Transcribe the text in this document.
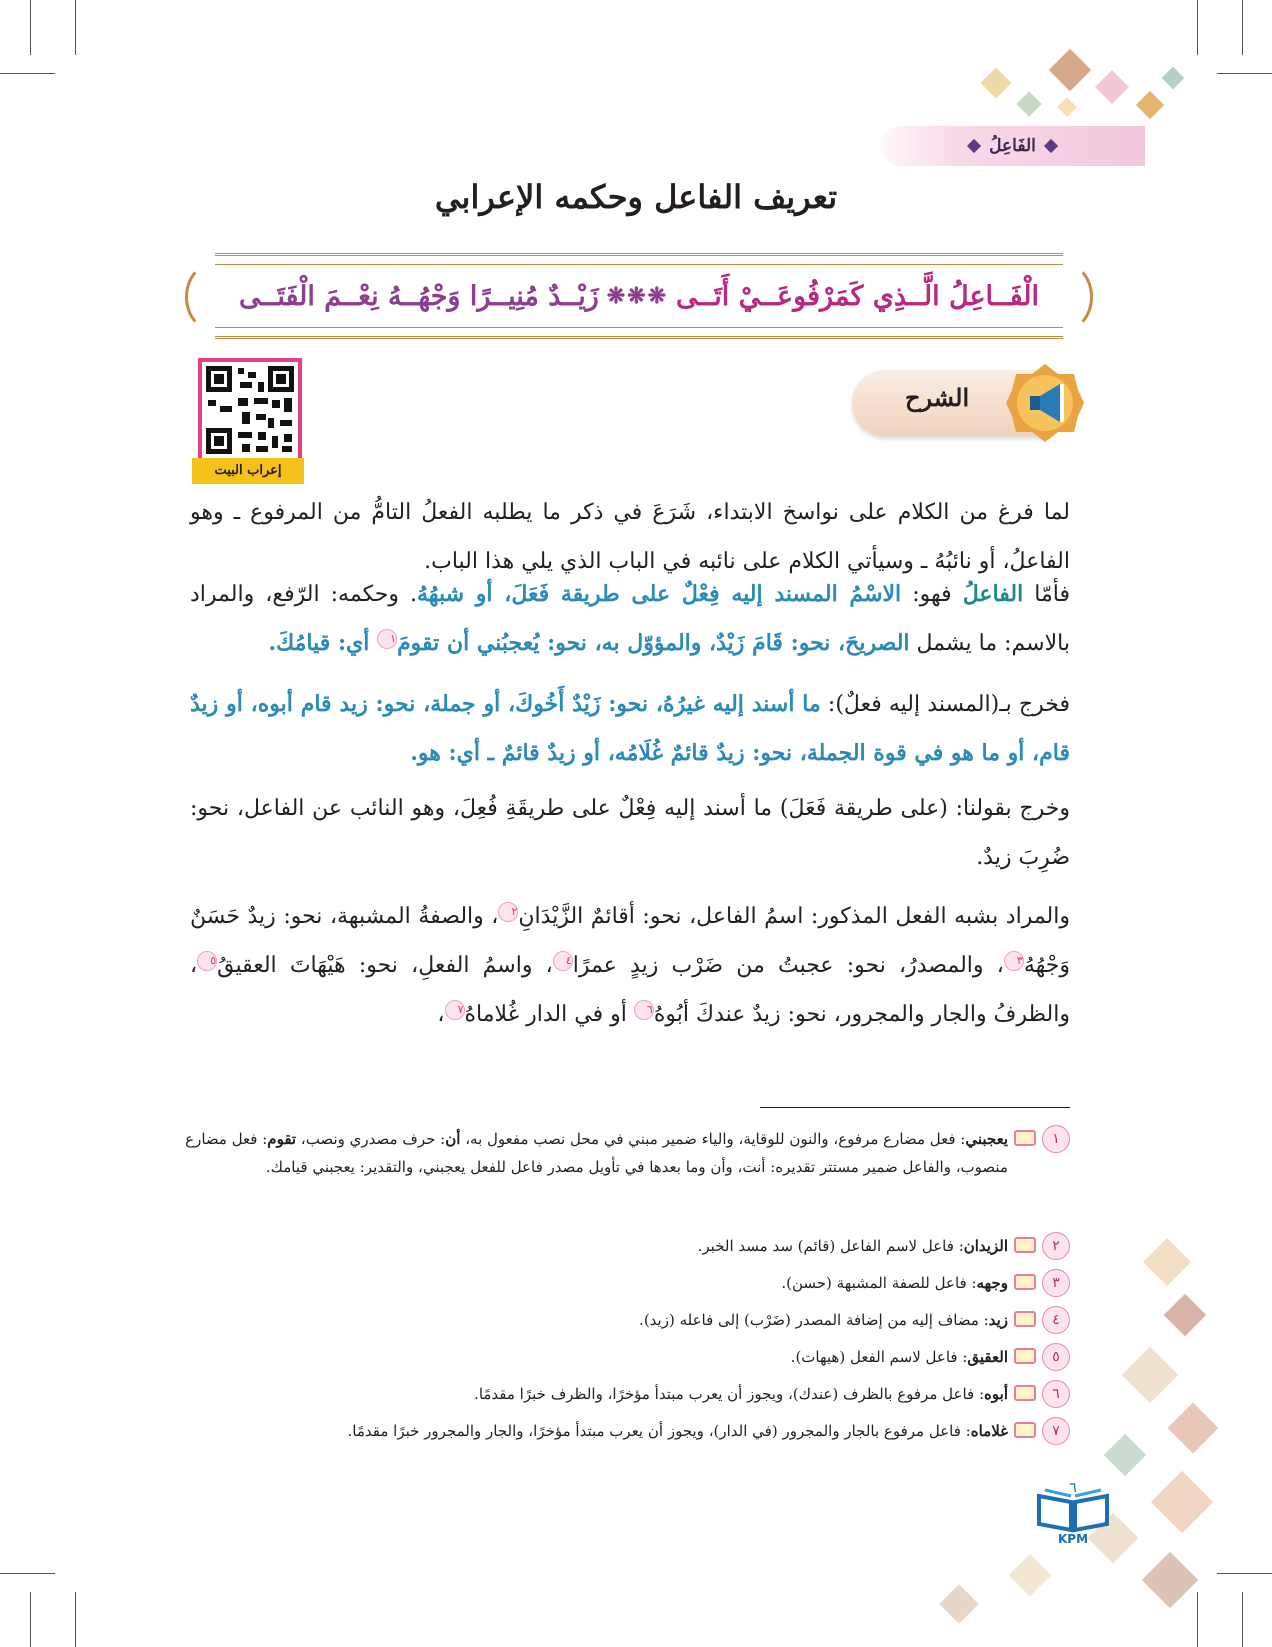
الفَاعِلُ
تعريف الفاعل وحكمه الإعرابي
الْفَــاعِلُ الَّــذِي كَمَرْفُوعَــيْ أَتَــى
❋❋❋
زَيْــدٌ مُنِيــرًا وَجْهُــهُ نِعْــمَ الْفَتَــى
الشرح
إعراب البيت

لما فرغ من الكلام على نواسخ الابتداء، شَرَعَ في ذكر ما يطلبه الفعلُ التامُّ من المرفوع ـ وهو الفاعلُ، أو نائبُهُ ـ وسيأتي الكلام على نائبه في الباب الذي يلي هذا الباب.

فأمّا الفاعلُ فهو: الاسْمُ المسند إليه فِعْلٌ على طريقة فَعَلَ، أو شبهُهُ. وحكمه: الرّفع، والمراد بالاسم: ما يشمل الصريحَ، نحو: قَامَ زَيْدٌ، والمؤوّل به، نحو: يُعجبُني أن تقومَ١ أي: قيامُكَ.

فخرج بـ(المسند إليه فعلٌ): ما أسند إليه غيرُهُ، نحو: زَيْدٌ أَخُوكَ، أو جملة، نحو: زيد قام أبوه، أو زيدٌ قام، أو ما هو في قوة الجملة، نحو: زيدٌ قائمٌ غُلَامُه، أو زيدٌ قائمٌ ـ أي: هو.

وخرج بقولنا: (على طريقة فَعَلَ) ما أسند إليه فِعْلٌ على طريقَةِ فُعِلَ، وهو النائب عن الفاعل، نحو: ضُرِبَ زيدٌ.

والمراد بشبه الفعل المذكور: اسمُ الفاعل، نحو: أقائمٌ الزَّيْدَانِ٢، والصفةُ المشبهة، نحو: زيدٌ حَسَنٌ وَجْهُهُ٣، والمصدرُ، نحو: عجبتُ من ضَرْب زيدٍ عمرًا٤، واسمُ الفعلِ، نحو: هَيْهَاتَ العقيقُ٥، والظرفُ والجار والمجرور، نحو: زيدٌ عندكَ أبُوهُ٦ أو في الدار غُلاماهُ٧،

١
يعجبني: فعل مضارع مرفوع، والنون للوقاية، والياء ضمير مبني في محل نصب مفعول به، أن: حرف مصدري ونصب، تقوم: فعل مضارع منصوب، والفاعل ضمير مستتر تقديره: أنت، وأن وما بعدها في تأويل مصدر فاعل للفعل يعجبني، والتقدير: يعجبني قيامك.
٢
الزيدان: فاعل لاسم الفاعل (قائم) سد مسد الخبر.
٣
وجهه: فاعل للصفة المشبهة (حسن).
٤
زيد: مضاف إليه من إضافة المصدر (ضَرْب) إلى فاعله (زيد).
٥
العقيق: فاعل لاسم الفعل (هيهات).
٦
أبوه: فاعل مرفوع بالظرف (عندك)، ويجوز أن يعرب مبتدأ مؤخرًا، والظرف خبرًا مقدمًا.
٧
غلاماه: فاعل مرفوع بالجار والمجرور (في الدار)، ويجوز أن يعرب مبتدأ مؤخرًا، والجار والمجرور خبرًا مقدمًا.
٦
KPM
